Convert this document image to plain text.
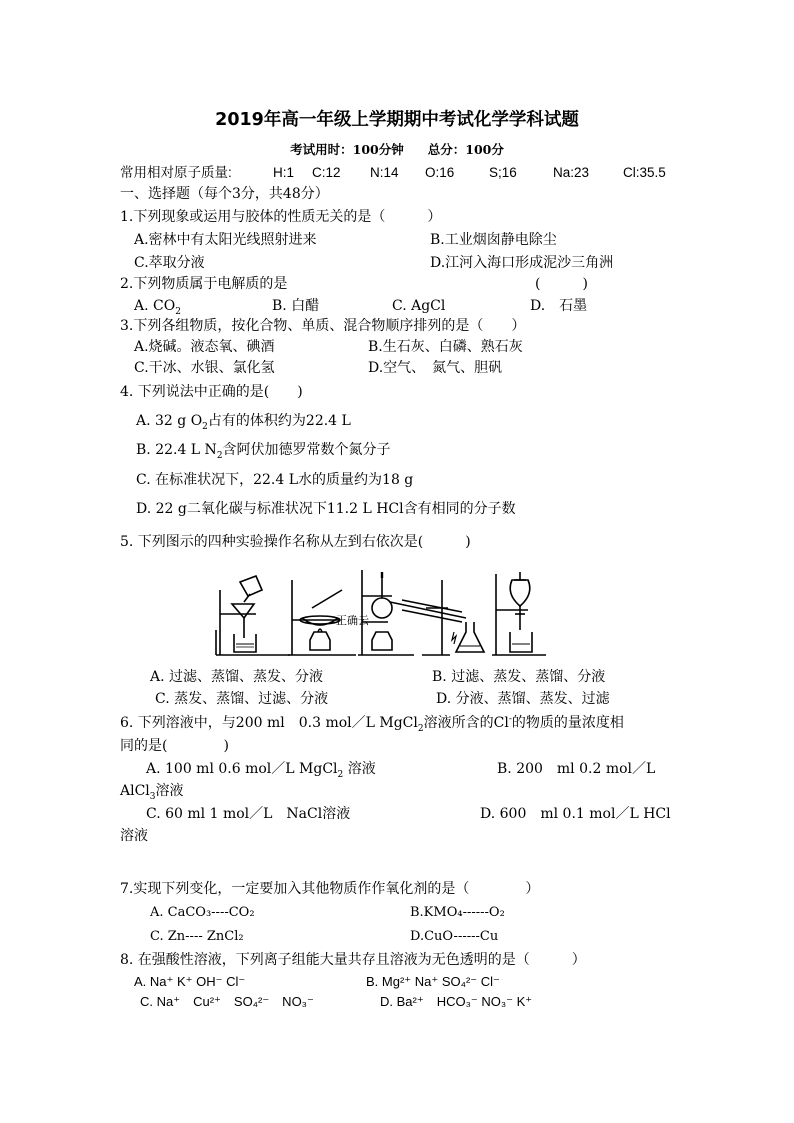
2019年高一年级上学期期中考试化学学科试题
考试用时：100分钟 总分：100分
常用相对原子质量:	H:1 C:12 N:14 O:16	S;16	Na:23	Cl:35.5
一、选择题（每个3分，共48分）
1.下列现象或运用与胶体的性质无关的是（　　　）
A.密林中有太阳光线照射进来	B.工业烟囱静电除尘
C.萃取分液	D.江河入海口形成泥沙三角洲
2.下列物质属于电解质的是	(　　　)
A. $CO_2$	B. 白醋	C. AgCl	D.　石墨
3.下列各组物质，按化合物、单质、混合物顺序排列的是（　　）
A.烧碱。液态氧、碘酒	B.生石灰、白磷、熟石灰
C.干冰、水银、氯化氢	D.空气、　氮气、胆矾
4. 下列说法中正确的是(　　)
A. 32 g $O_2$占有的体积约为22.4 L
B. 22.4 L $N_2$含阿伏加德罗常数个氮分子
C. 在标准状况下，22.4 L水的质量约为18 g
D. 22 g二氧化碳与标准状况下11.2 L HCl含有相同的分子数
5. 下列图示的四种实验操作名称从左到右依次是(　　　)
正确云
A. 过滤、蒸馏、蒸发、分液	B. 过滤、蒸发、蒸馏、分液
C. 蒸发、蒸馏、过滤、分液	D. 分液、蒸馏、蒸发、过滤
6. 下列溶液中，与200 ml　0.3 mol／L MgCl$_2$溶液所含的Cl-的物质的量浓度相
同的是(　　　　)
A. 100 ml 0.6 mol／L MgCl$_2$ 溶液	B. 200　ml 0.2 mol／L
AlCl$_3$溶液
C. 60 ml 1 mol／L　NaCl溶液	D. 600　ml 0.1 mol／L HCl
溶液
7.实现下列变化，一定要加入其他物质作作氧化剂的是（　　　　）
A. CaCO₃----CO₂	B.KMO₄------O₂
C. Zn---- ZnCl₂	D.CuO------Cu
8. 在强酸性溶液，下列离子组能大量共存且溶液为无色透明的是（　　　）
A. Na⁺ K⁺ OH⁻ Cl⁻	B. Mg²⁺ Na⁺ SO₄²⁻ Cl⁻
C. Na⁺　Cu²⁺　SO₄²⁻　NO₃⁻	D. Ba²⁺　HCO₃⁻ NO₃⁻ K⁺
